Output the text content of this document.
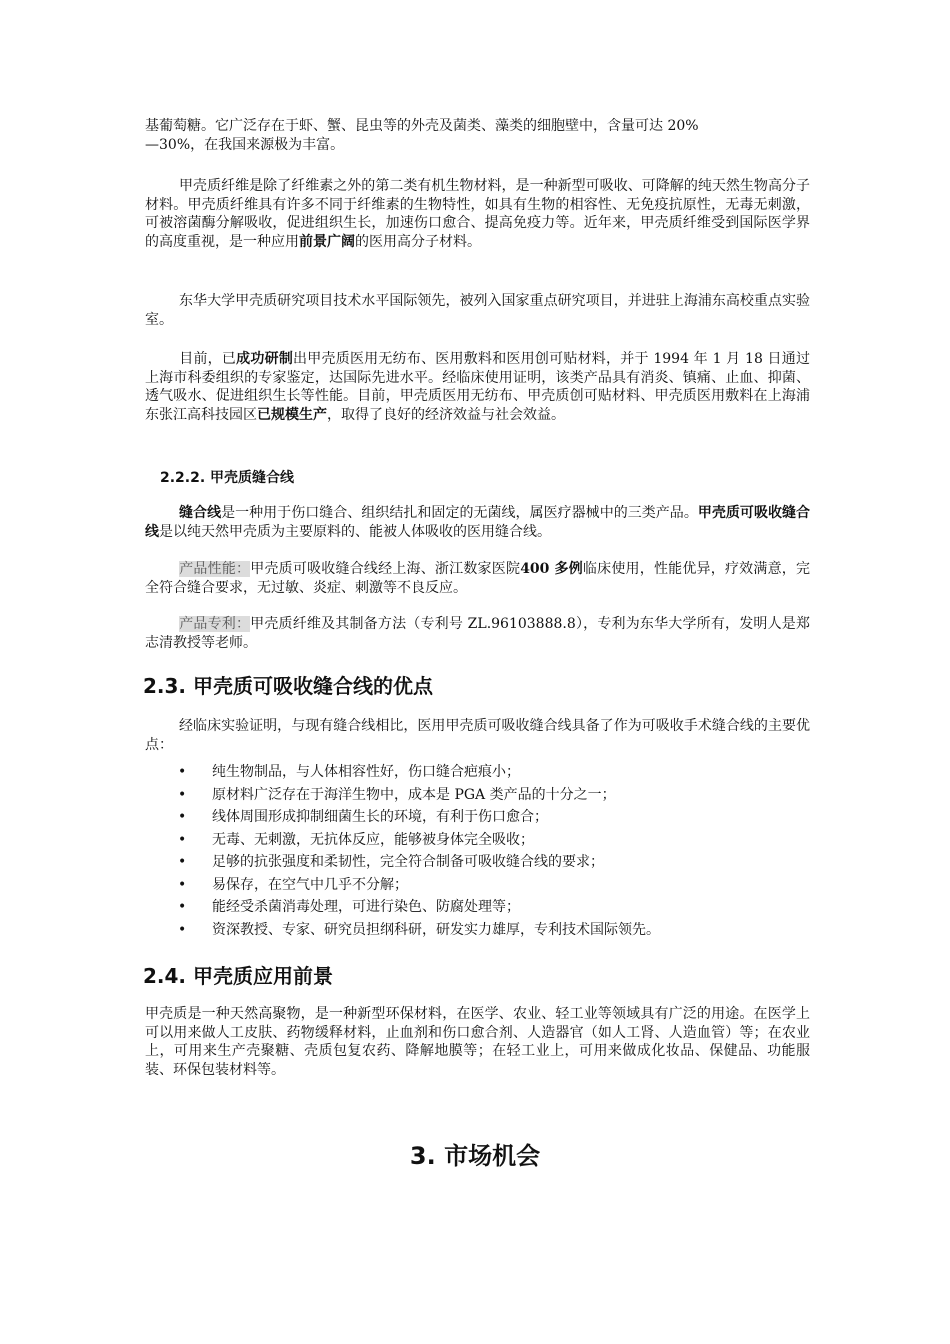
基葡萄糖。它广泛存在于虾、蟹、昆虫等的外壳及菌类、藻类的细胞壁中，含量可达 20%
—30%，在我国来源极为丰富。

甲壳质纤维是除了纤维素之外的第二类有机生物材料，是一种新型可吸收、可降解的纯天然生物高分子材料。甲壳质纤维具有许多不同于纤维素的生物特性，如具有生物的相容性、无免疫抗原性，无毒无刺激，可被溶菌酶分解吸收，促进组织生长，加速伤口愈合、提高免疫力等。近年来，甲壳质纤维受到国际医学界的高度重视，是一种应用前景广阔的医用高分子材料。

东华大学甲壳质研究项目技术水平国际领先，被列入国家重点研究项目，并进驻上海浦东高校重点实验室。

目前，已成功研制出甲壳质医用无纺布、医用敷料和医用创可贴材料，并于 1994 年 1 月 18 日通过上海市科委组织的专家鉴定，达国际先进水平。经临床使用证明，该类产品具有消炎、镇痛、止血、抑菌、透气吸水、促进组织生长等性能。目前，甲壳质医用无纺布、甲壳质创可贴材料、甲壳质医用敷料在上海浦东张江高科技园区已规模生产，取得了良好的经济效益与社会效益。

2.2.2. 甲壳质缝合线

缝合线是一种用于伤口缝合、组织结扎和固定的无菌线，属医疗器械中的三类产品。甲壳质可吸收缝合线是以纯天然甲壳质为主要原料的、能被人体吸收的医用缝合线。

产品性能：甲壳质可吸收缝合线经上海、浙江数家医院400 多例临床使用，性能优异，疗效满意，完全符合缝合要求，无过敏、炎症、刺激等不良反应。

产品专利：甲壳质纤维及其制备方法（专利号 ZL.96103888.8），专利为东华大学所有，发明人是郑志清教授等老师。

2.3. 甲壳质可吸收缝合线的优点

经临床实验证明，与现有缝合线相比，医用甲壳质可吸收缝合线具备了作为可吸收手术缝合线的主要优点：

• 纯生物制品，与人体相容性好，伤口缝合疤痕小；
• 原材料广泛存在于海洋生物中，成本是 PGA 类产品的十分之一；
• 线体周围形成抑制细菌生长的环境，有利于伤口愈合；
• 无毒、无刺激，无抗体反应，能够被身体完全吸收；
• 足够的抗张强度和柔韧性，完全符合制备可吸收缝合线的要求；
• 易保存，在空气中几乎不分解；
• 能经受杀菌消毒处理，可进行染色、防腐处理等；
• 资深教授、专家、研究员担纲科研，研发实力雄厚，专利技术国际领先。
2.4. 甲壳质应用前景

甲壳质是一种天然高聚物，是一种新型环保材料，在医学、农业、轻工业等领域具有广泛的用途。在医学上可以用来做人工皮肤、药物缓释材料，止血剂和伤口愈合剂、人造器官（如人工肾、人造血管）等；在农业上，可用来生产壳聚糖、壳质包复农药、降解地膜等；在轻工业上，可用来做成化妆品、保健品、功能服装、环保包装材料等。

3. 市场机会
